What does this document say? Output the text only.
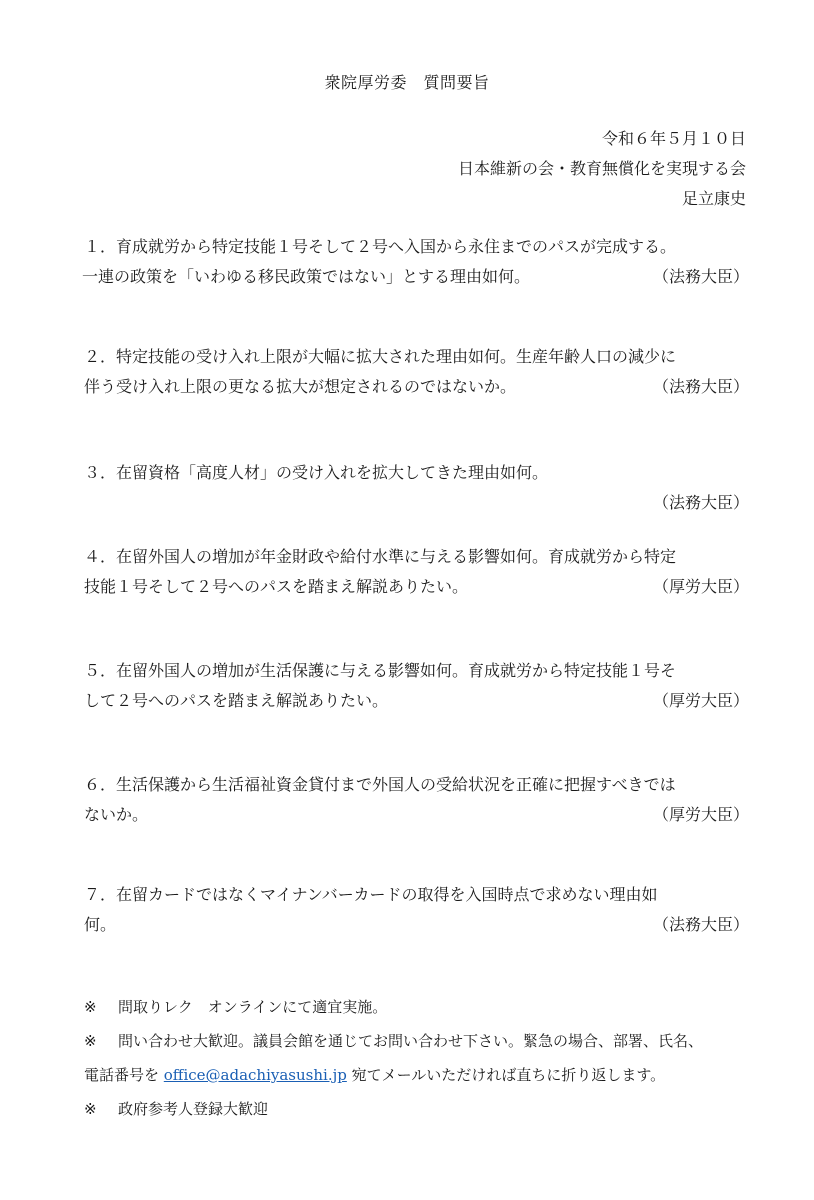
衆院厚労委　質問要旨
令和６年５月１０日
日本維新の会・教育無償化を実現する会
足立康史
１．育成就労から特定技能１号そして２号へ入国から永住までのパスが完成する。
一連の政策を「いわゆる移民政策ではない」とする理由如何。	（法務大臣）
２．特定技能の受け入れ上限が大幅に拡大された理由如何。生産年齢人口の減少に
伴う受け入れ上限の更なる拡大が想定されるのではないか。	（法務大臣）
３．在留資格「高度人材」の受け入れを拡大してきた理由如何。
（法務大臣）
４．在留外国人の増加が年金財政や給付水準に与える影響如何。育成就労から特定
技能１号そして２号へのパスを踏まえ解説ありたい。	（厚労大臣）
５．在留外国人の増加が生活保護に与える影響如何。育成就労から特定技能１号そ
して２号へのパスを踏まえ解説ありたい。	（厚労大臣）
６．生活保護から生活福祉資金貸付まで外国人の受給状況を正確に把握すべきでは
ないか。	（厚労大臣）
７．在留カードではなくマイナンバーカードの取得を入国時点で求めない理由如
何。	（法務大臣）
※ 問取りレク　オンラインにて適宜実施。
※ 問い合わせ大歓迎。議員会館を通じてお問い合わせ下さい。緊急の場合、部署、氏名、
電話番号を office@adachiyasushi.jp 宛てメールいただければ直ちに折り返します。
※ 政府参考人登録大歓迎
